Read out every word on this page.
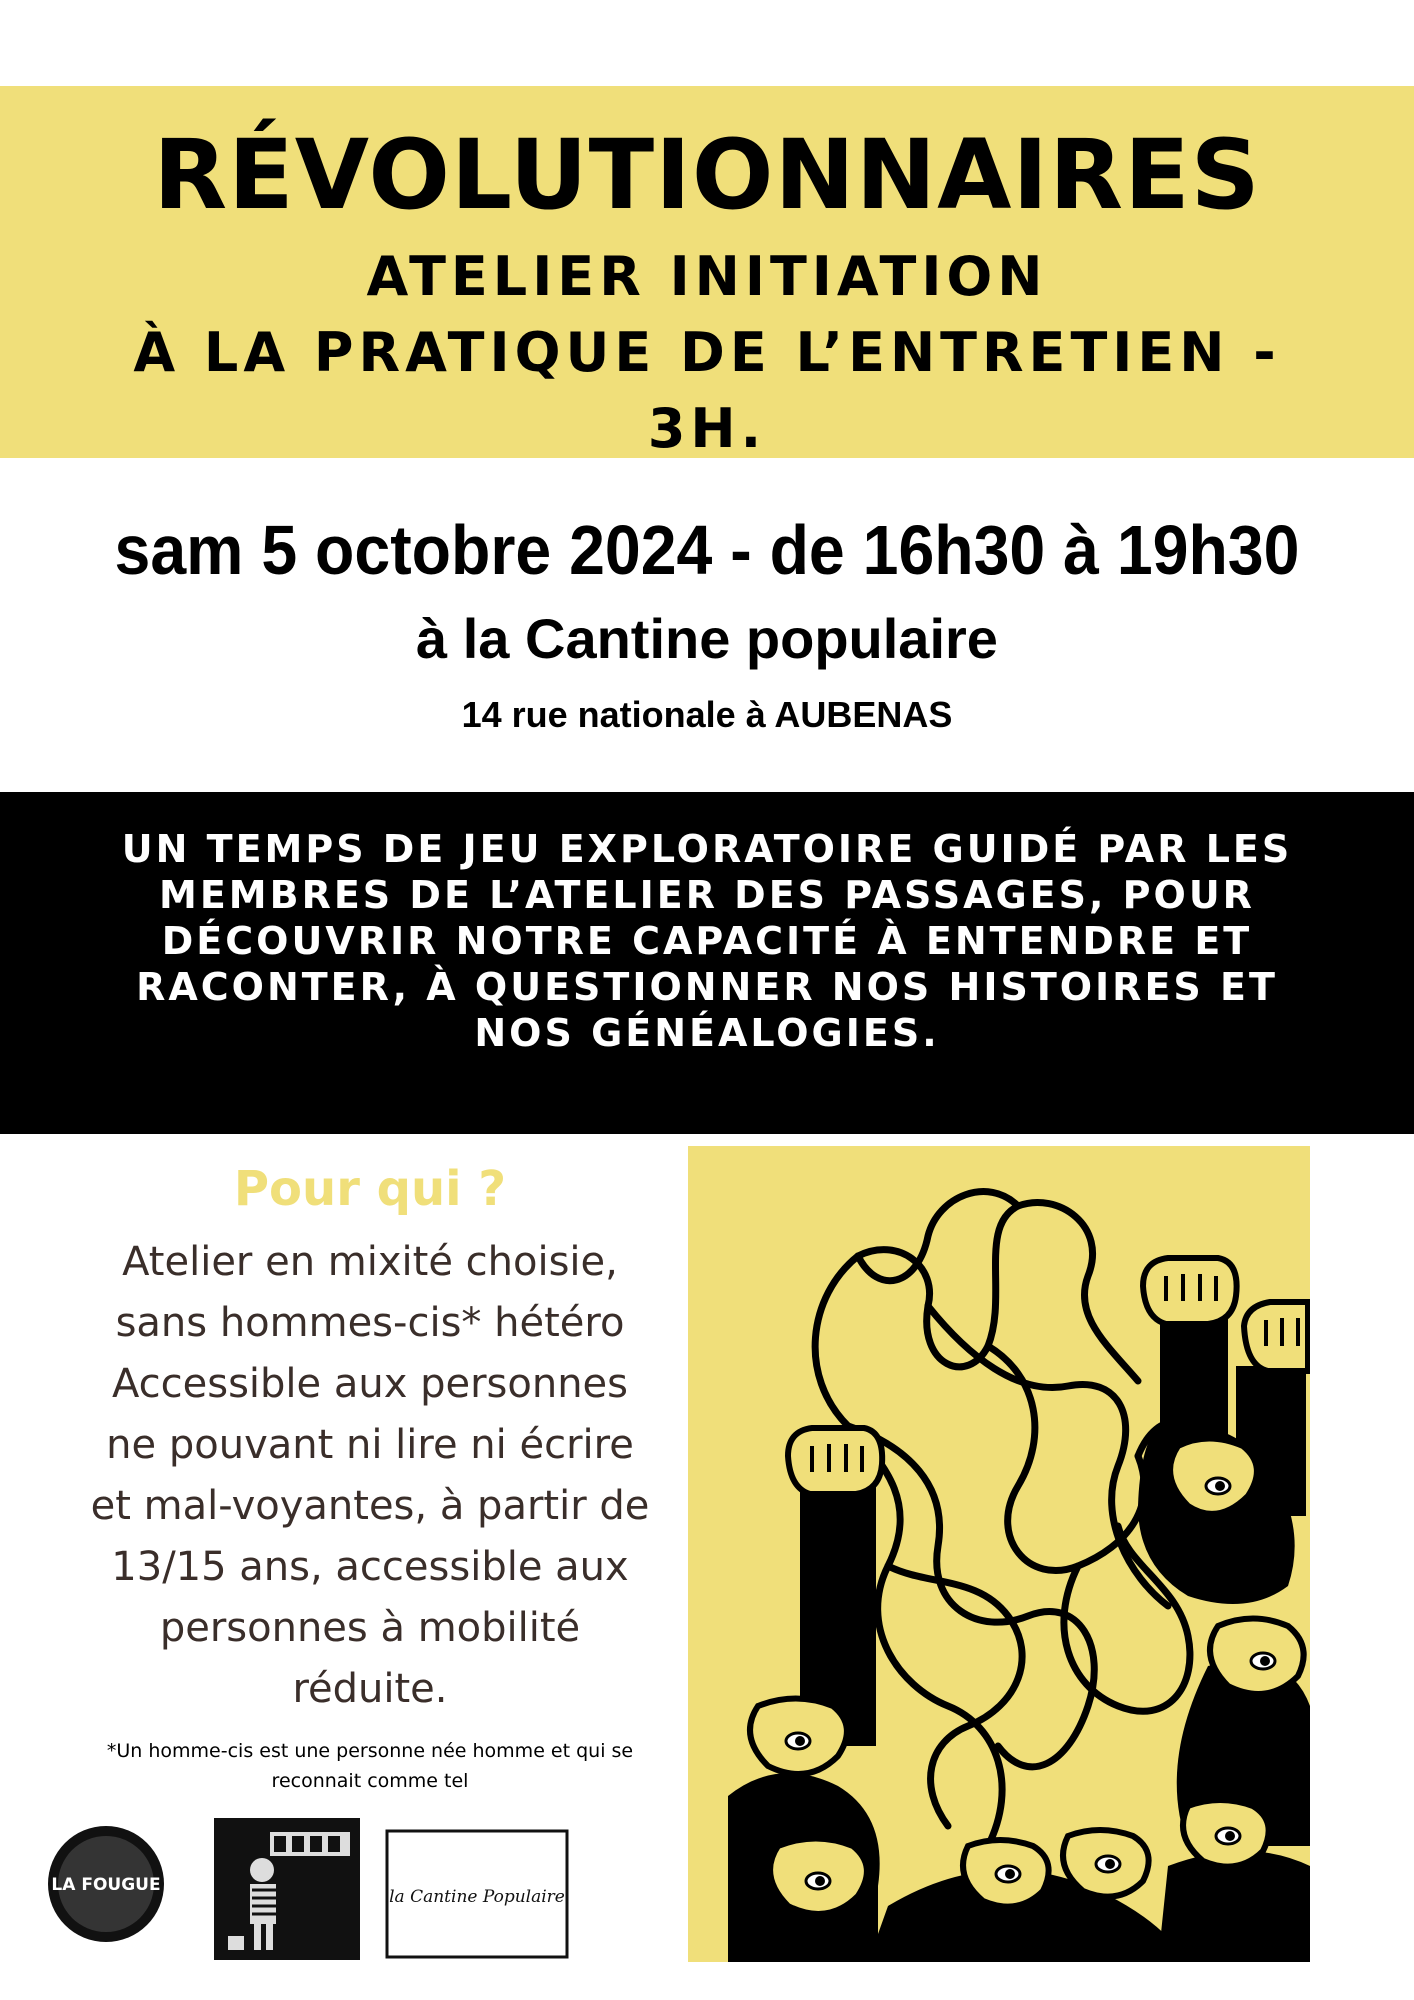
RÉVOLUTIONNAIRES
ATELIER INITIATION
À LA PRATIQUE DE L’ENTRETIEN -
3H.
sam 5 octobre 2024 - de 16h30 à 19h30
à la Cantine populaire
14 rue nationale à AUBENAS
UN TEMPS DE JEU EXPLORATOIRE GUIDÉ PAR LES
MEMBRES DE L’ATELIER DES PASSAGES, POUR
DÉCOUVRIR NOTRE CAPACITÉ À ENTENDRE ET
RACONTER, À QUESTIONNER NOS HISTOIRES ET
NOS GÉNÉALOGIES.
Pour qui ?
Atelier en mixité choisie,
sans hommes-cis* hétéro
Accessible aux personnes
ne pouvant ni lire ni écrire
et mal-voyantes, à partir de
13/15 ans, accessible aux
personnes à mobilité
réduite.
*Un homme-cis est une personne née homme et qui se
reconnait comme tel
LA FOUGUE
la Cantine Populaire
